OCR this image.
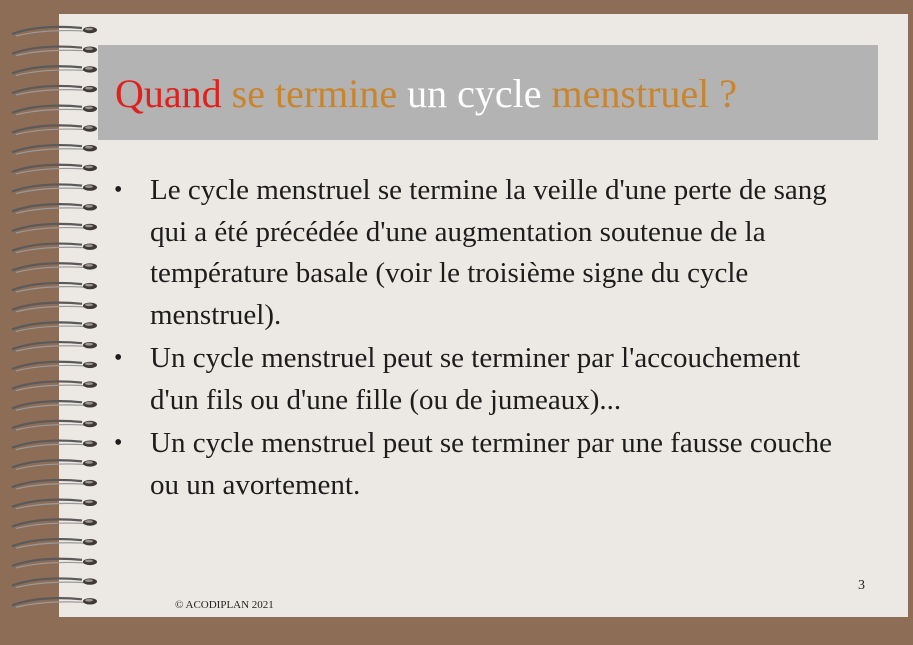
Quand se termine un cycle menstruel ?
• Le cycle menstruel se termine la veille d'une perte de sang qui a été précédée d'une augmentation soutenue de la température basale (voir le troisième signe du cycle menstruel).
• Un cycle menstruel peut se terminer par l'accouchement d'un fils ou d'une fille (ou de jumeaux)...
• Un cycle menstruel peut se terminer par une fausse couche ou un avortement.
3
© ACODIPLAN 2021
